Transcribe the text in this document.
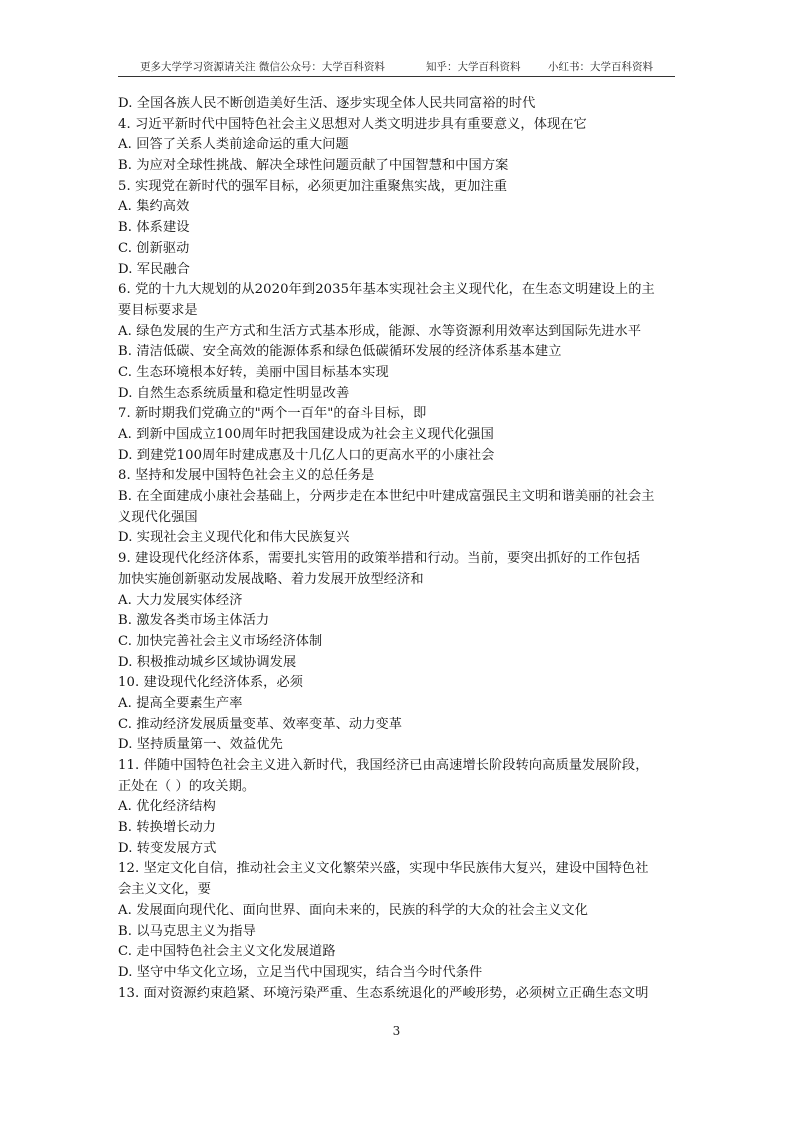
更多大学学习资源请关注 微信公众号：大学百科资料	知乎：大学百科资料	小红书：大学百科资料
D. 全国各族人民不断创造美好生活、逐步实现全体人民共同富裕的时代
4. 习近平新时代中国特色社会主义思想对人类文明进步具有重要意义，体现在它
A. 回答了关系人类前途命运的重大问题
B. 为应对全球性挑战、解决全球性问题贡献了中国智慧和中国方案
5. 实现党在新时代的强军目标，必须更加注重聚焦实战，更加注重
A. 集约高效
B. 体系建设
C. 创新驱动
D. 军民融合
6. 党的十九大规划的从2020年到2035年基本实现社会主义现代化，在生态文明建设上的主
要目标要求是
A. 绿色发展的生产方式和生活方式基本形成，能源、水等资源利用效率达到国际先进水平
B. 清洁低碳、安全高效的能源体系和绿色低碳循环发展的经济体系基本建立
C. 生态环境根本好转，美丽中国目标基本实现
D. 自然生态系统质量和稳定性明显改善
7. 新时期我们党确立的"两个一百年"的奋斗目标，即
A. 到新中国成立100周年时把我国建设成为社会主义现代化强国
D. 到建党100周年时建成惠及十几亿人口的更高水平的小康社会
8. 坚持和发展中国特色社会主义的总任务是
B. 在全面建成小康社会基础上，分两步走在本世纪中叶建成富强民主文明和谐美丽的社会主
义现代化强国
D. 实现社会主义现代化和伟大民族复兴
9. 建设现代化经济体系，需要扎实管用的政策举措和行动。当前，要突出抓好的工作包括
加快实施创新驱动发展战略、着力发展开放型经济和
A. 大力发展实体经济
B. 激发各类市场主体活力
C. 加快完善社会主义市场经济体制
D. 积极推动城乡区域协调发展
10. 建设现代化经济体系，必须
A. 提高全要素生产率
C. 推动经济发展质量变革、效率变革、动力变革
D. 坚持质量第一、效益优先
11. 伴随中国特色社会主义进入新时代，我国经济已由高速增长阶段转向高质量发展阶段，
正处在（ ）的攻关期。
A. 优化经济结构
B. 转换增长动力
D. 转变发展方式
12. 坚定文化自信，推动社会主义文化繁荣兴盛，实现中华民族伟大复兴，建设中国特色社
会主义文化，要
A. 发展面向现代化、面向世界、面向未来的，民族的科学的大众的社会主义文化
B. 以马克思主义为指导
C. 走中国特色社会主义文化发展道路
D. 坚守中华文化立场，立足当代中国现实，结合当今时代条件
13. 面对资源约束趋紧、环境污染严重、生态系统退化的严峻形势，必须树立正确生态文明
3
